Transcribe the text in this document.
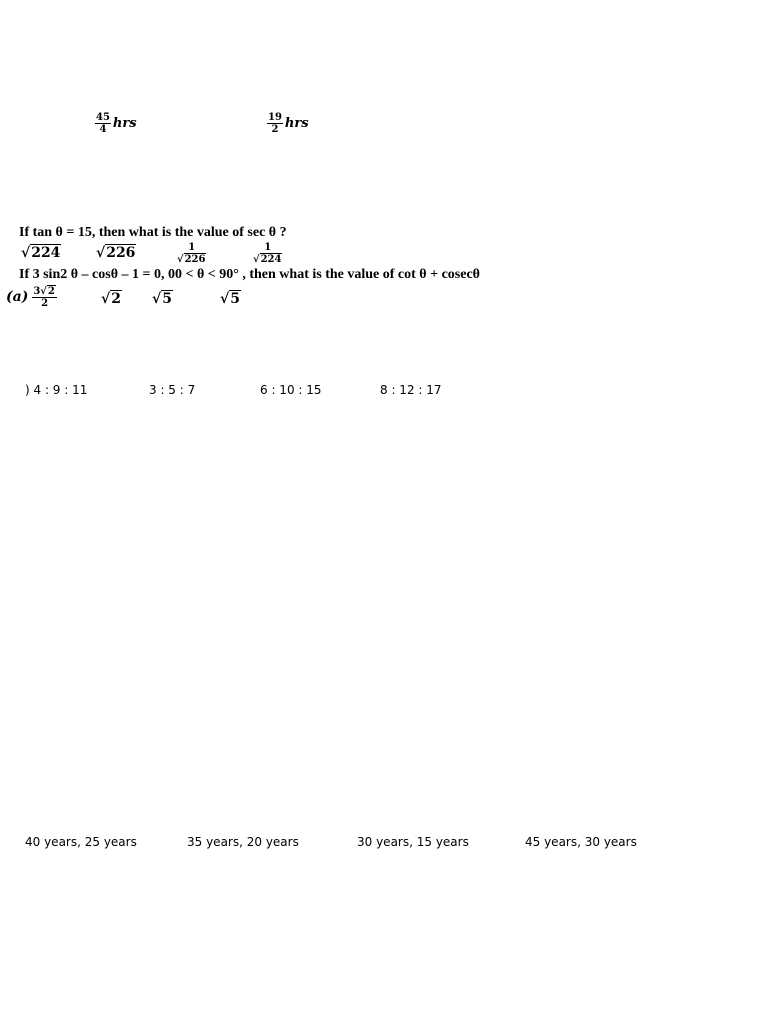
$\frac{45}{4}$ hrs	$\frac{19}{2}$ hrs
If tan θ = 15, then what is the value of sec θ ?
√224	√226	$\frac{1}{√226}$	$\frac{1}{√224}$
If 3 sin2 θ – cosθ – 1 = 0, 00 < θ < 90° , then what is the value of cot θ + cosecθ
$(a) \frac{3√2}{2}$	√2 √5	√5
) 4 : 9 : 11	3 : 5 : 7	6 : 10 : 15	8 : 12 : 17
40 years, 25 years	35 years, 20 years	30 years, 15 years	45 years, 30 years
